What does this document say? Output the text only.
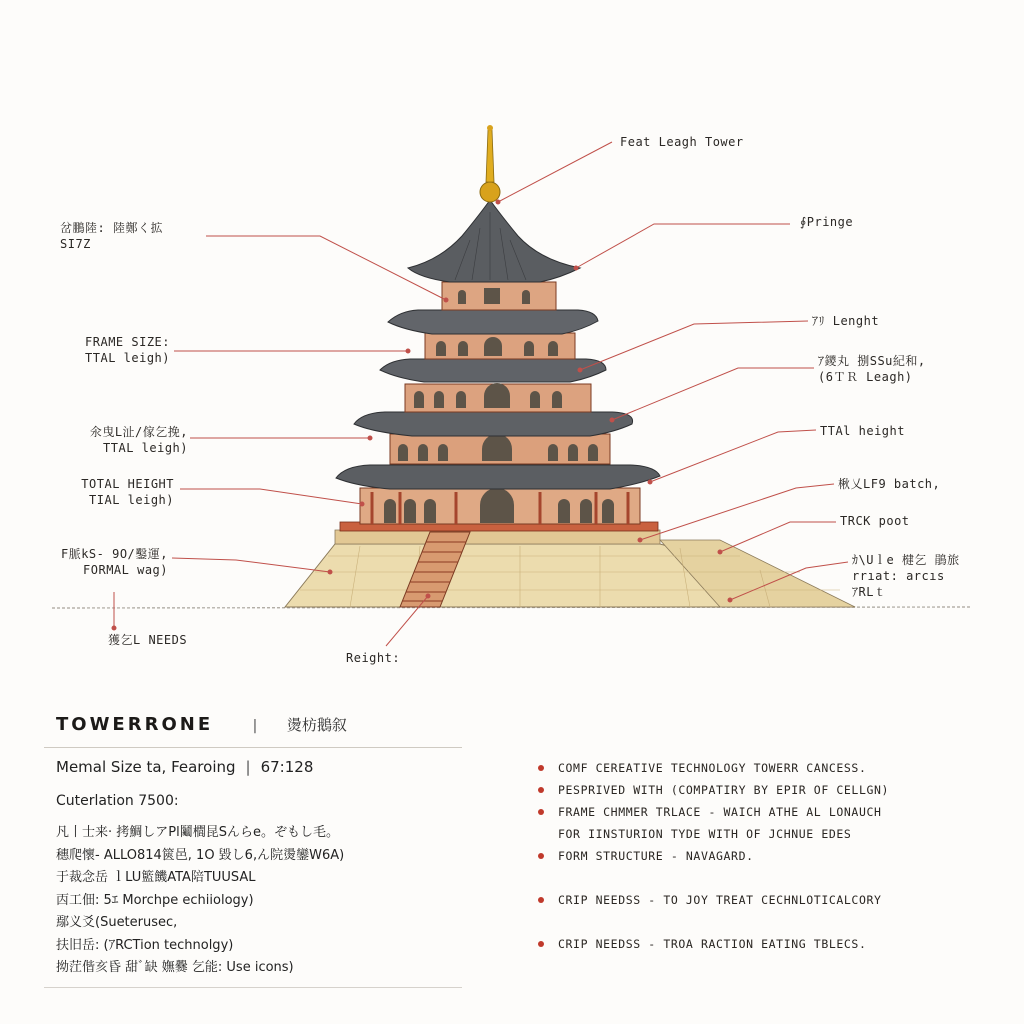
Feat Leagh Tower
∮Pringe
ｱﾘ Lenght
ｱ鑁丸 捌SSu紀和,
(6ＴＲ Leagh)
TTAl height
楸乂LF9 batch,
TRCK poot
ｶ\Uｌe 楗乞 鵑旅
rrıat: arcıs
ｱRLｔ
岔鵬陸: 陸鄭く拡
SI7Z
FRAME SIZE:
TTAL leigh)
氽曳L沚/傢乞挽,
TTAL leigh)
TOTAL HEIGHT
TIAL leigh)
F脈kS- 9O/鑿運,
FORMAL wag)
獲乞L NEEDS
Reight:
TOWERRONE	| 燙枋鵝叙
Memal Size ta, Fearoing | 67:128
Cuterlation 7500:
凡丨士来· 拷鯛しアPl鬮櫚昆Sんらe。ぞもし毛。
穗爬懷- ALLO814篋邑, 1O 毀し6,ん院燙鑾W6A)
于裁念岳 ｌLU籃饑ATA陪TUUSAL
㐁工佃: 5ｴ Morchpe echiiology)
鄢义爻(Sueterusec,
扶旧岳: (ｱRCTion technolgy)
拗茳偕亥昏 甜ﾞ缺 嫵爨 乞能: Use icons)
COMF CEREATIVE TECHNOLOGY TOWERR CANCESS.
PESPRIVED WITH (COMPATIRY BY EPIR OF CELLGN)
FRAME CHMMER TRLACE - WAICH ATHE AL LONAUCH
FOR IINSTURION TYDE WITH OF JCHNUE EDES
FORM STRUCTURE - NAVAGARD.
CRIP NEEDSS - TO JOY TREAT CECHNLOTICALCORY
CRIP NEEDSS - TROA RACTION EATING TBLECS.
